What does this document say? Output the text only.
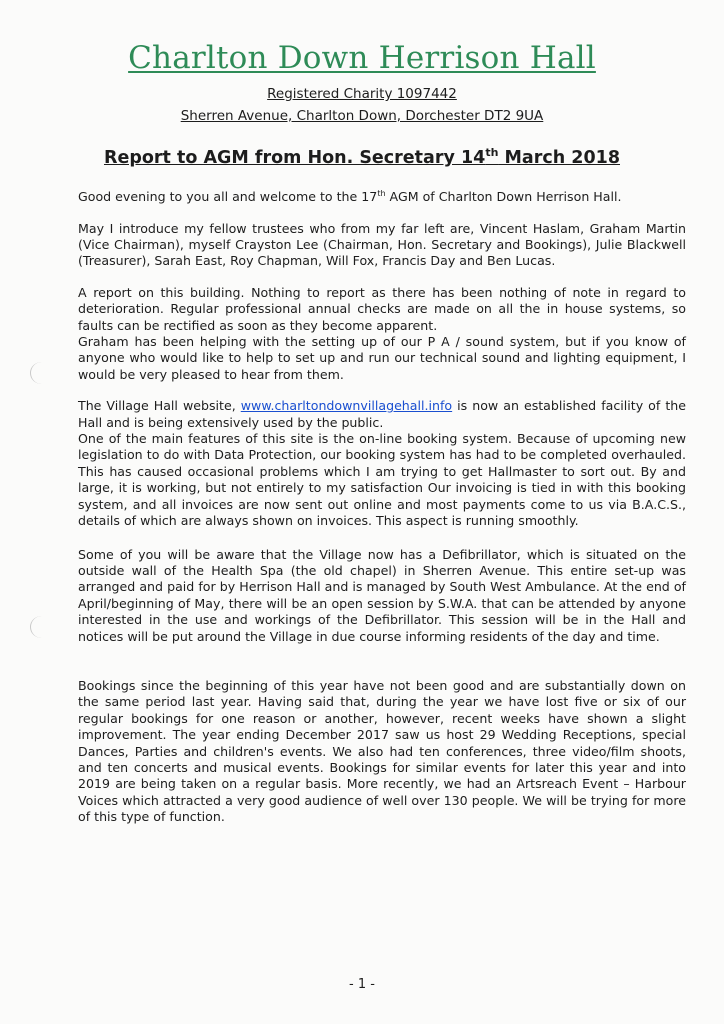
Charlton Down Herrison Hall
Registered Charity 1097442
Sherren Avenue, Charlton Down, Dorchester DT2 9UA
Report to AGM from Hon. Secretary 14th March 2018

Good evening to you all and welcome to the 17th AGM of Charlton Down Herrison Hall.

May I introduce my fellow trustees who from my far left are, Vincent Haslam, Graham Martin (Vice Chairman), myself Crayston Lee (Chairman, Hon. Secretary and Bookings), Julie Blackwell (Treasurer), Sarah East, Roy Chapman, Will Fox, Francis Day and Ben Lucas.

A report on this building. Nothing to report as there has been nothing of note in regard to deterioration. Regular professional annual checks are made on all the in house systems, so faults can be rectified as soon as they become apparent.

Graham has been helping with the setting up of our P A / sound system, but if you know of anyone who would like to help to set up and run our technical sound and lighting equipment, I would be very pleased to hear from them.

The Village Hall website, www.charltondownvillagehall.info is now an established facility of the Hall and is being extensively used by the public.

One of the main features of this site is the on-line booking system. Because of upcoming new legislation to do with Data Protection, our booking system has had to be completed overhauled. This has caused occasional problems which I am trying to get Hallmaster to sort out. By and large, it is working, but not entirely to my satisfaction Our invoicing is tied in with this booking system, and all invoices are now sent out online and most payments come to us via B.A.C.S., details of which are always shown on invoices. This aspect is running smoothly.

Some of you will be aware that the Village now has a Defibrillator, which is situated on the outside wall of the Health Spa (the old chapel) in Sherren Avenue. This entire set-up was arranged and paid for by Herrison Hall and is managed by South West Ambulance. At the end of April/beginning of May, there will be an open session by S.W.A. that can be attended by anyone interested in the use and workings of the Defibrillator. This session will be in the Hall and notices will be put around the Village in due course informing residents of the day and time.

Bookings since the beginning of this year have not been good and are substantially down on the same period last year. Having said that, during the year we have lost five or six of our regular bookings for one reason or another, however, recent weeks have shown a slight improvement. The year ending December 2017 saw us host 29 Wedding Receptions, special Dances, Parties and children's events. We also had ten conferences, three video/film shoots, and ten concerts and musical events. Bookings for similar events for later this year and into 2019 are being taken on a regular basis. More recently, we had an Artsreach Event – Harbour Voices which attracted a very good audience of well over 130 people. We will be trying for more of this type of function.

- 1 -
